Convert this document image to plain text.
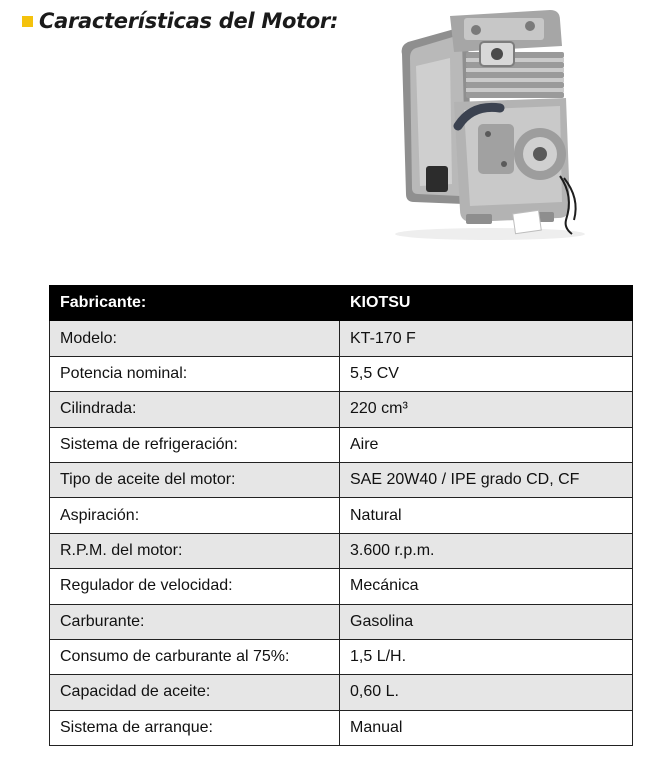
Características del Motor:
Fabricante:	KIOTSU
Modelo:	KT-170 F
Potencia nominal:	5,5 CV
Cilindrada:	220 cm³
Sistema de refrigeración:	Aire
Tipo de aceite del motor:	SAE 20W40 / IPE grado CD, CF
Aspiración:	Natural
R.P.M. del motor:	3.600 r.p.m.
Regulador de velocidad:	Mecánica
Carburante:	Gasolina
Consumo de carburante al 75%:	1,5 L/H.
Capacidad de aceite:	0,60 L.
Sistema de arranque:	Manual
